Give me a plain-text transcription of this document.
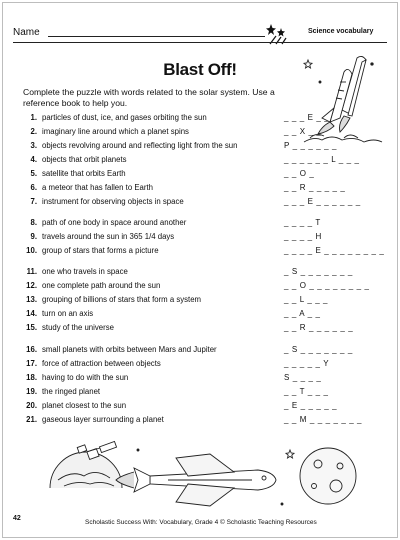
Name	Science vocabulary
Blast Off!
Complete the puzzle with words related to the solar system. Use a reference book to help you.
1. particles of dust, ice, and gases orbiting the sun	_ _ _ E _ _
2. imaginary line around which a planet spins	_ _ X _ _
3. objects revolving around and reflecting light from the sun	P _ _ _ _ _ _
4. objects that orbit planets	_ _ _ _ _ _ L _ _ _
5. satellite that orbits Earth	_ _ O _
6. a meteor that has fallen to Earth	_ _ R _ _ _ _ _
7. instrument for observing objects in space	_ _ _ E _ _ _ _ _ _
8. path of one body in space around another	_ _ _ _ T
9. travels around the sun in 365 1/4 days	_ _ _ _ H
10. group of stars that forms a picture	_ _ _ _ E _ _ _ _ _ _ _ _
11. one who travels in space	_ S _ _ _ _ _ _ _
12. one complete path around the sun	_ _ O _ _ _ _ _ _ _ _
13. grouping of billions of stars that form a system	_ _ L _ _ _
14. turn on an axis	_ _ A _ _
15. study of the universe	_ _ R _ _ _ _ _ _
16. small planets with orbits between Mars and Jupiter	_ S _ _ _ _ _ _ _
17. force of attraction between objects	_ _ _ _ _ Y
18. having to do with the sun	S _ _ _ _
19. the ringed planet	_ _ T _ _ _
20. planet closest to the sun	_ E _ _ _ _ _
21. gaseous layer surrounding a planet	_ _ M _ _ _ _ _ _ _
42
Scholastic Success With: Vocabulary, Grade 4 © Scholastic Teaching Resources
